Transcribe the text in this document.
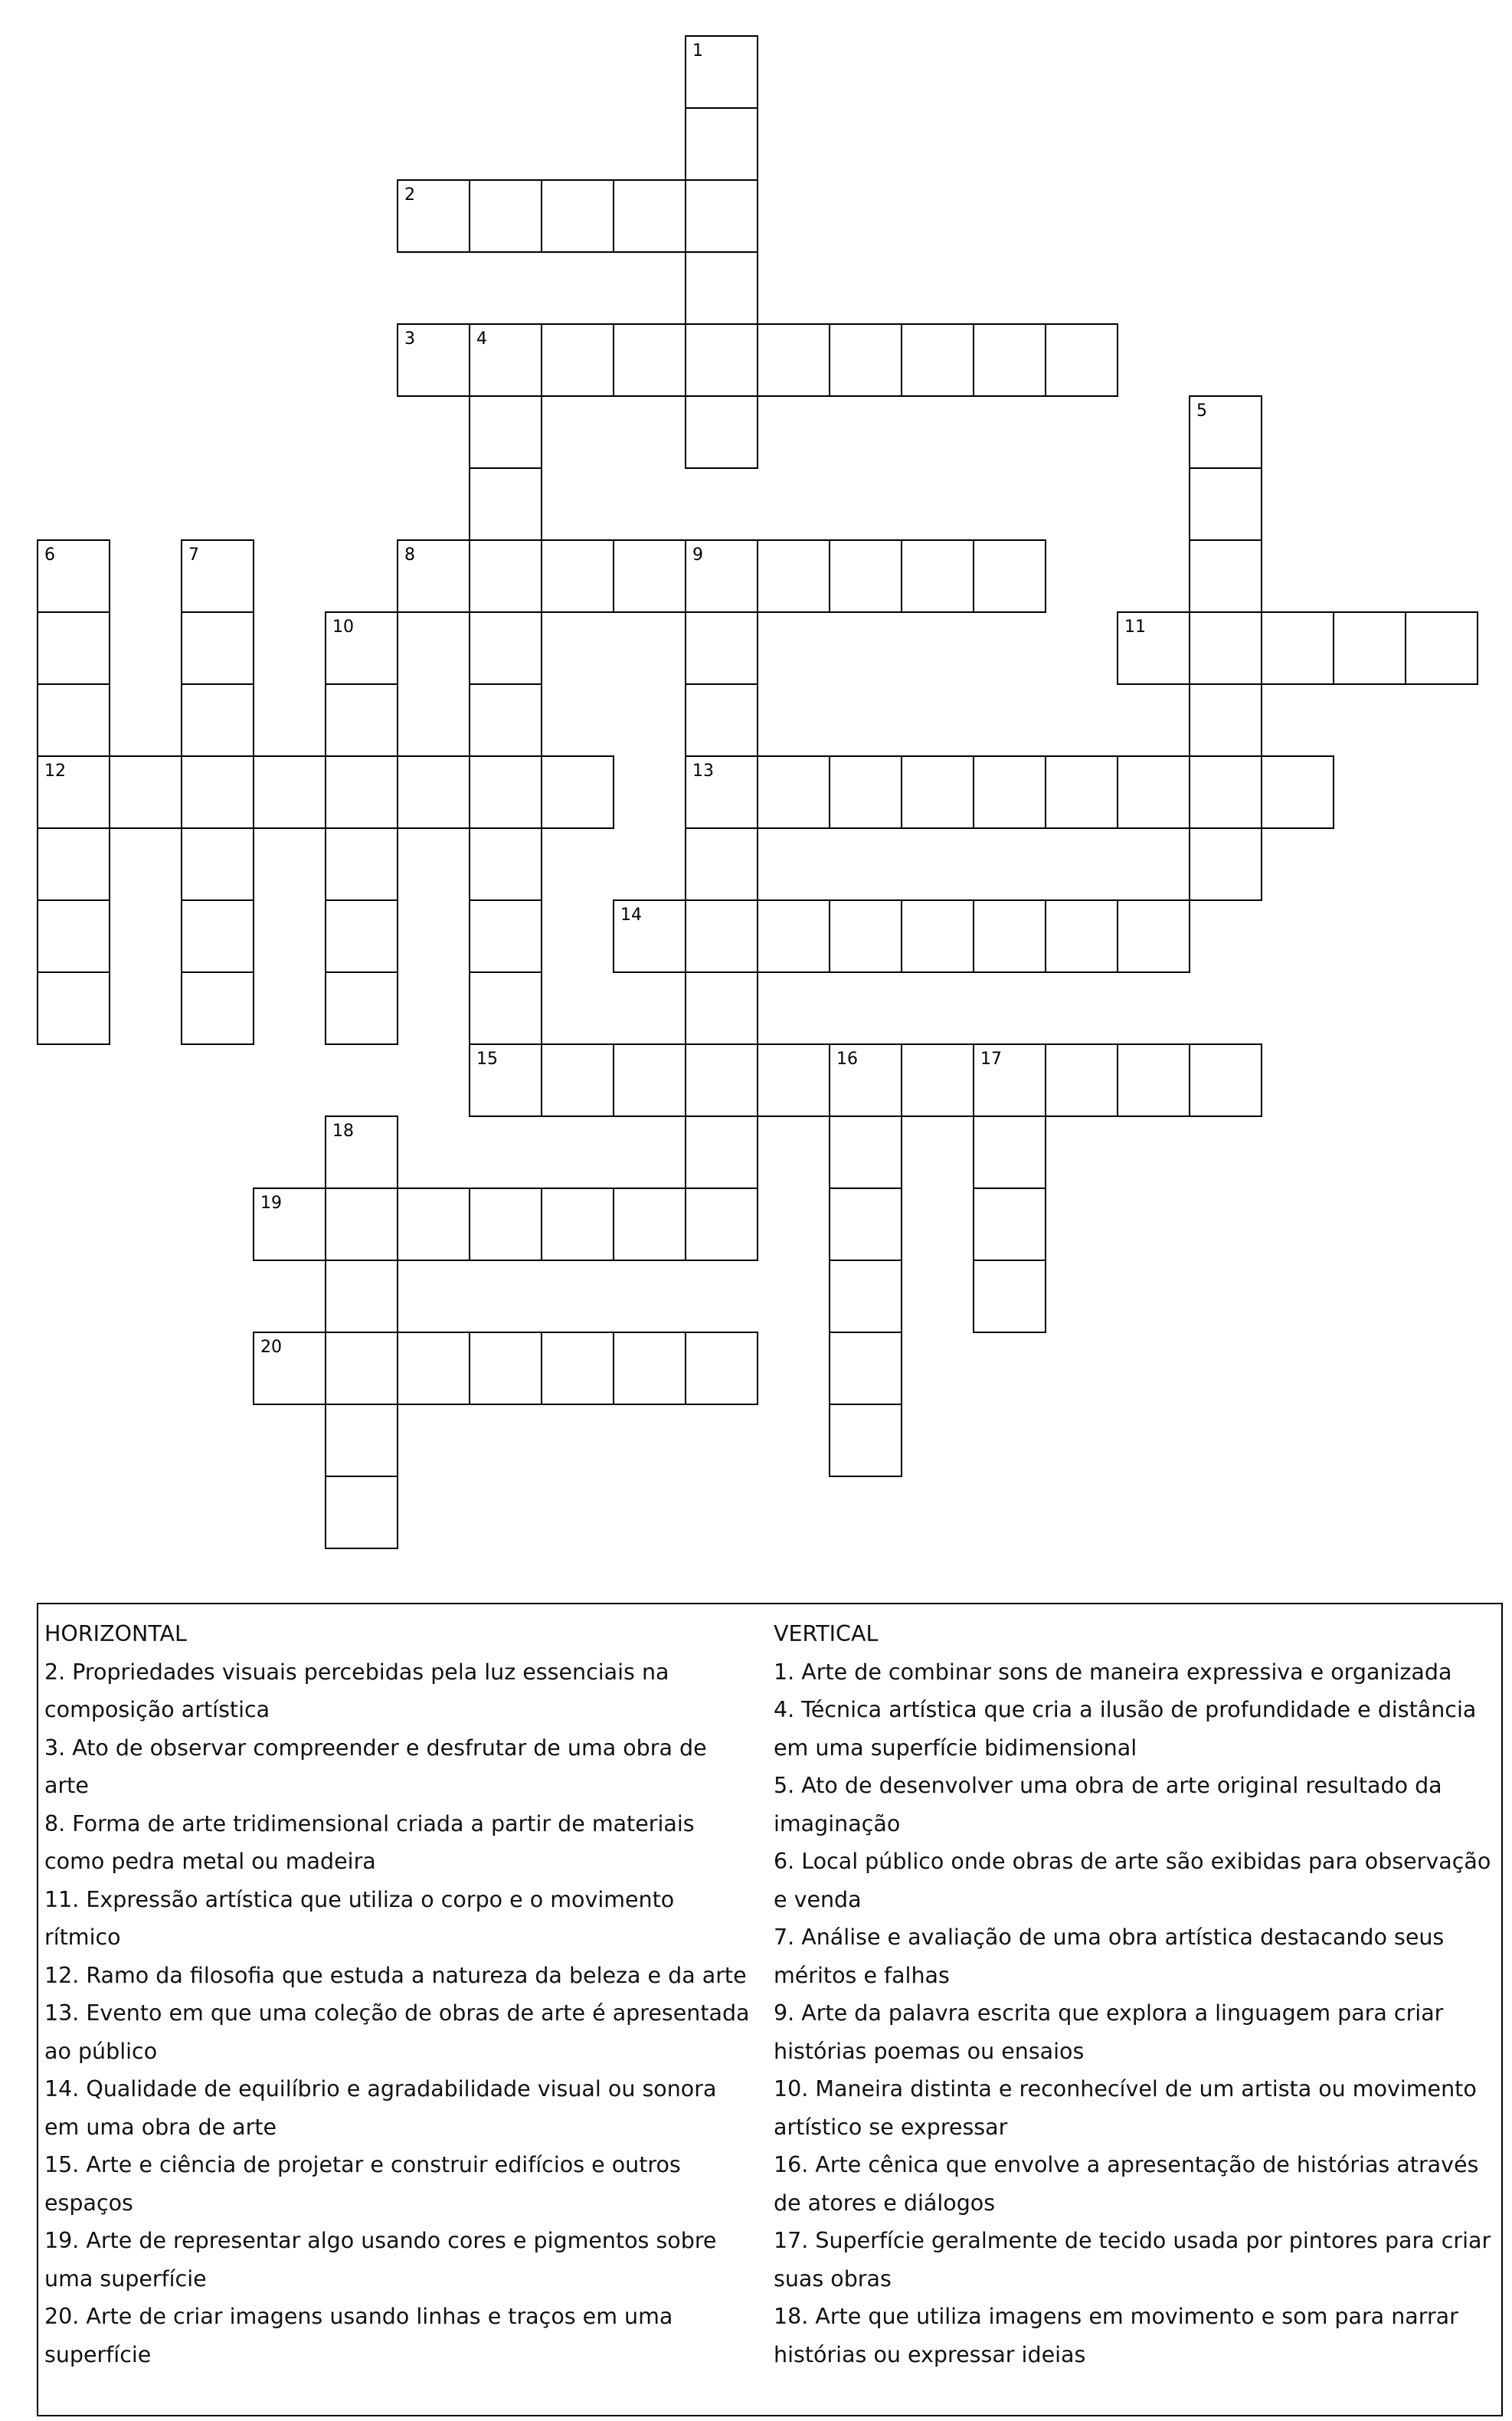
1
2
3	4
5
6
12
7	8	9
13
10	11
14
15	16	17
18
19
20

HORIZONTAL

2. Propriedades visuais percebidas pela luz essenciais na composição artística

3. Ato de observar compreender e desfrutar de uma obra de arte

8. Forma de arte tridimensional criada a partir de materiais como pedra metal ou madeira

11. Expressão artística que utiliza o corpo e o movimento rítmico

12. Ramo da filosofia que estuda a natureza da beleza e da arte

13. Evento em que uma coleção de obras de arte é apresentada ao público

14. Qualidade de equilíbrio e agradabilidade visual ou sonora em uma obra de arte

15. Arte e ciência de projetar e construir edifícios e outros espaços

19. Arte de representar algo usando cores e pigmentos sobre uma superfície

20. Arte de criar imagens usando linhas e traços em uma superfície

VERTICAL

1. Arte de combinar sons de maneira expressiva e organizada

4. Técnica artística que cria a ilusão de profundidade e distância em uma superfície bidimensional

5. Ato de desenvolver uma obra de arte original resultado da imaginação

6. Local público onde obras de arte são exibidas para observação e venda

7. Análise e avaliação de uma obra artística destacando seus méritos e falhas

9. Arte da palavra escrita que explora a linguagem para criar histórias poemas ou ensaios

10. Maneira distinta e reconhecível de um artista ou movimento artístico se expressar

16. Arte cênica que envolve a apresentação de histórias através de atores e diálogos

17. Superfície geralmente de tecido usada por pintores para criar suas obras

18. Arte que utiliza imagens em movimento e som para narrar histórias ou expressar ideias
